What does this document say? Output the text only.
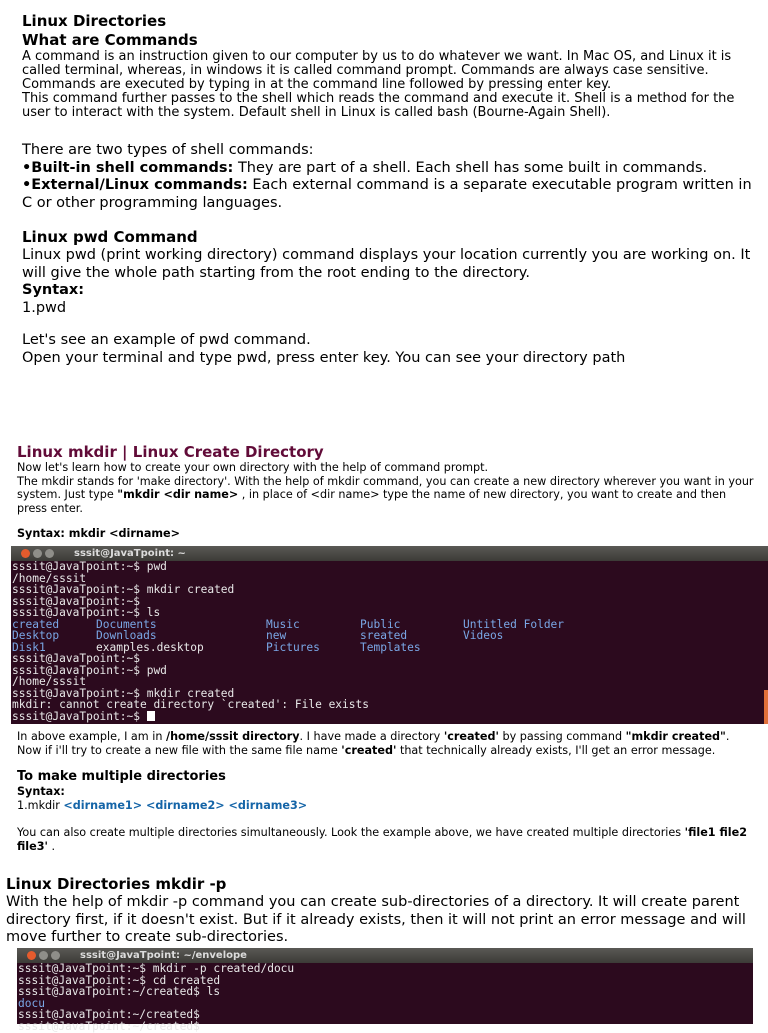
Linux Directories
What are Commands

A command is an instruction given to our computer by us to do whatever we want. In Mac OS, and Linux it is called terminal, whereas, in windows it is called command prompt. Commands are always case sensitive.

Commands are executed by typing in at the command line followed by pressing enter key.

This command further passes to the shell which reads the command and execute it. Shell is a method for the user to interact with the system. Default shell in Linux is called bash (Bourne-Again Shell).

There are two types of shell commands:

•Built-in shell commands: They are part of a shell. Each shell has some built in commands.

•External/Linux commands: Each external command is a separate executable program written in C or other programming languages.

Linux pwd Command

Linux pwd (print working directory) command displays your location currently you are working on. It will give the whole path starting from the root ending to the directory.

Syntax:

1.pwd

Let's see an example of pwd command.

Open your terminal and type pwd, press enter key. You can see your directory path

Linux mkdir | Linux Create Directory

Now let's learn how to create your own directory with the help of command prompt.

The mkdir stands for 'make directory'. With the help of mkdir command, you can create a new directory wherever you want in your system. Just type "mkdir <dir name> , in place of <dir name> type the name of new directory, you want to create and then press enter.

Syntax: mkdir <dirname>

sssit@JavaTpoint: ~
sssit@JavaTpoint:~$ pwd
/home/sssit
sssit@JavaTpoint:~$ mkdir created
sssit@JavaTpoint:~$
sssit@JavaTpoint:~$ ls
created	Documents	Music	Public	Untitled Folder
Desktop	Downloads	new	sreated	Videos
Disk1	examples.desktop	Pictures	Templates
sssit@JavaTpoint:~$
sssit@JavaTpoint:~$ pwd
/home/sssit
sssit@JavaTpoint:~$ mkdir created
mkdir: cannot create directory `created': File exists
sssit@JavaTpoint:~$

In above example, I am in /home/sssit directory. I have made a directory 'created' by passing command "mkdir created".

Now if i'll try to create a new file with the same file name 'created' that technically already exists, I'll get an error message.

To make multiple directories

Syntax:

1.mkdir <dirname1> <dirname2> <dirname3>

You can also create multiple directories simultaneously. Look the example above, we have created multiple directories 'file1 file2 file3' .

Linux Directories mkdir -p

With the help of mkdir -p command you can create sub-directories of a directory. It will create parent directory first, if it doesn't exist. But if it already exists, then it will not print an error message and will move further to create sub-directories.

sssit@JavaTpoint: ~/envelope
sssit@JavaTpoint:~$ mkdir -p created/docu
sssit@JavaTpoint:~$ cd created
sssit@JavaTpoint:~/created$ ls
docu
sssit@JavaTpoint:~/created$
sssit@JavaTpoint:~/created$
